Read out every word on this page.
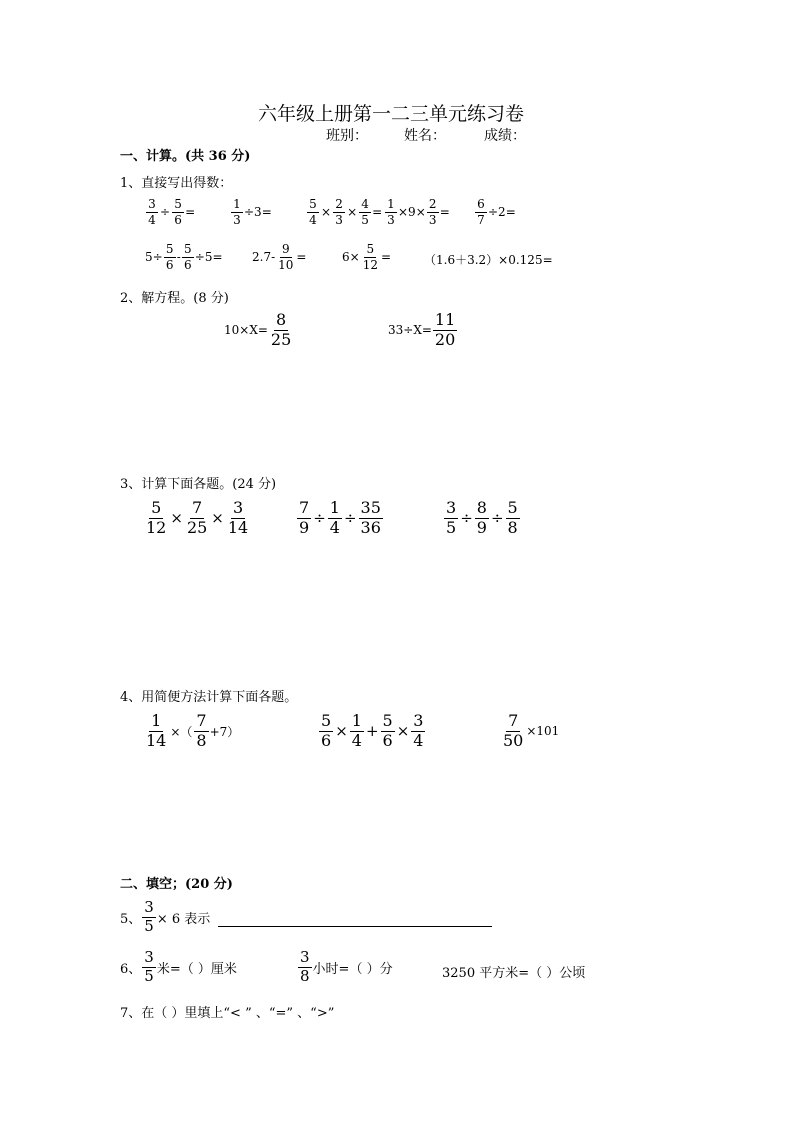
六年级上册第一二三单元练习卷
班别：	姓名：	成绩：
一、计算。(共 36 分)
1、直接写出得数：
$\frac{3}{4} \div \frac{5}{6}$ =	$\frac{1}{3} \div 3=$	$\frac{5}{4} \times \frac{2}{3} \times \frac{4}{5} = \frac{1}{3} \times 9\times \frac{2}{3} = \frac{6}{7} \div 2=$
$5\div \frac{5}{6} - \frac{5}{6} \div 5= 2.7- \frac{9}{10}$ =	$6\times \frac{5}{12}$ =	（1.6＋3.2）×0.125=
2、解方程。(8 分)
$10\times X= \frac{8}{25}$	$33\div X= \frac{11}{20}$
3、计算下面各题。(24 分)
$\frac{5}{12} \times \frac{7}{25} \times \frac{3}{14}$	$\frac{7}{9} \div \frac{1}{4} \div \frac{35}{36}$	$\frac{3}{5} \div \frac{8}{9} \div \frac{5}{8}$
4、用简便方法计算下面各题。
$\frac{1}{14}$ ×（
7
8 +7）	$\frac{5}{6} \times \frac{1}{4} + \frac{5}{6} \times \frac{3}{4}$	$\frac{7}{50} \times 101$
二、填空；(20 分)
5、 $\frac{3}{5} \times 6$ 表示
6、
3
5 米=（ ）厘米
3
8 小时=（ ）分	3250 平方米=（ ）公顷
7、在（ ）里填上“< ” 、“=” 、“>”
